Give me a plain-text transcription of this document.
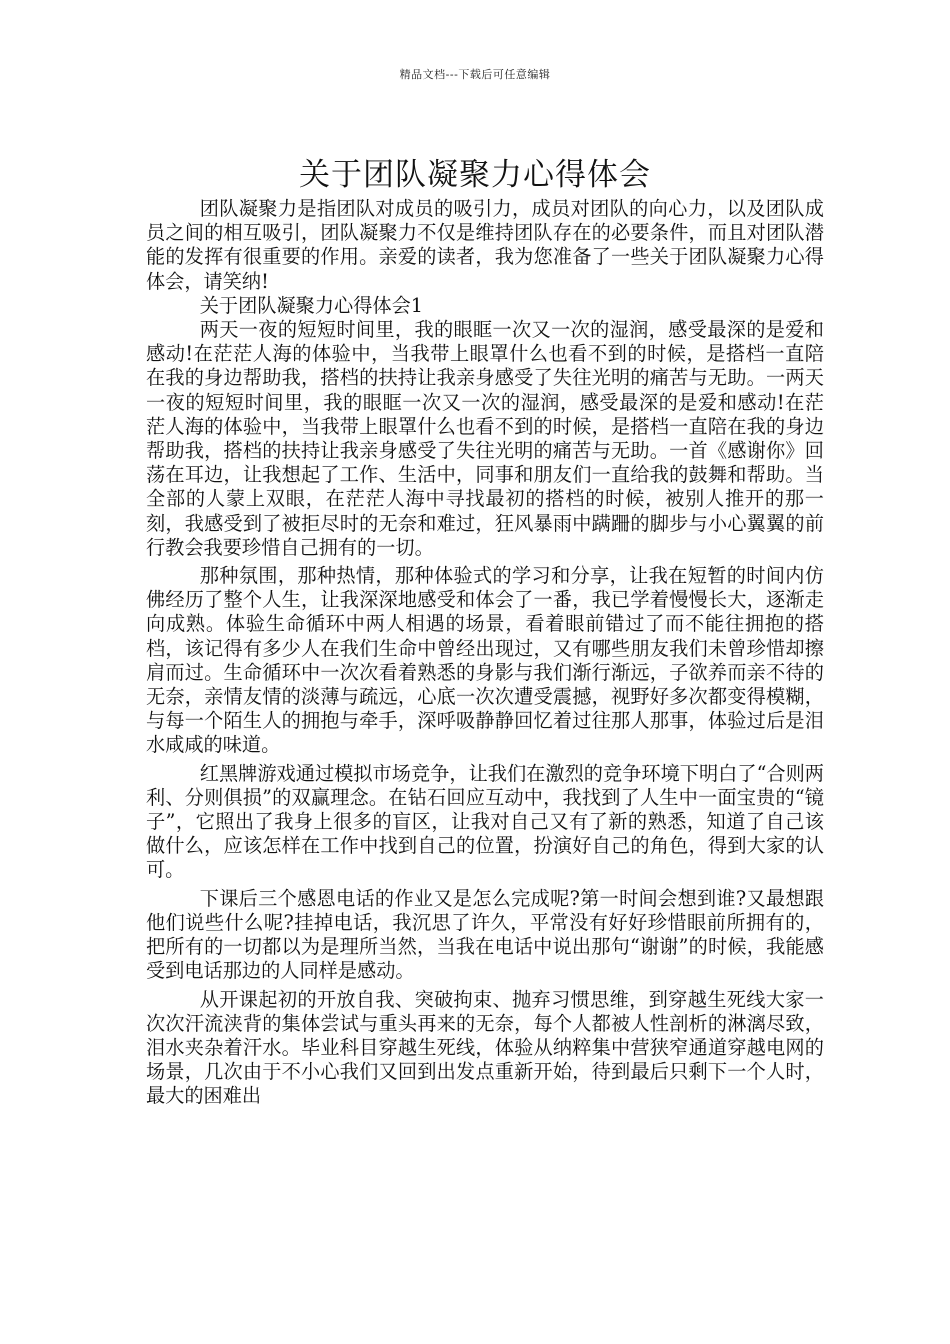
精品文档---下载后可任意编辑
关于团队凝聚力心得体会

团队凝聚力是指团队对成员的吸引力，成员对团队的向心力，以及团队成员之间的相互吸引，团队凝聚力不仅是维持团队存在的必要条件，而且对团队潜能的发挥有很重要的作用。亲爱的读者，我为您准备了一些关于团队凝聚力心得体会，请笑纳!

关于团队凝聚力心得体会1

两天一夜的短短时间里，我的眼眶一次又一次的湿润，感受最深的是爱和感动!在茫茫人海的体验中，当我带上眼罩什么也看不到的时候，是搭档一直陪在我的身边帮助我，搭档的扶持让我亲身感受了失往光明的痛苦与无助。一两天一夜的短短时间里，我的眼眶一次又一次的湿润，感受最深的是爱和感动!在茫茫人海的体验中，当我带上眼罩什么也看不到的时候，是搭档一直陪在我的身边帮助我，搭档的扶持让我亲身感受了失往光明的痛苦与无助。一首《感谢你》回荡在耳边，让我想起了工作、生活中，同事和朋友们一直给我的鼓舞和帮助。当全部的人蒙上双眼，在茫茫人海中寻找最初的搭档的时候，被别人推开的那一刻，我感受到了被拒尽时的无奈和难过，狂风暴雨中蹒跚的脚步与小心翼翼的前行教会我要珍惜自己拥有的一切。

那种氛围，那种热情，那种体验式的学习和分享，让我在短暂的时间内仿佛经历了整个人生，让我深深地感受和体会了一番，我已学着慢慢长大，逐渐走向成熟。体验生命循环中两人相遇的场景，看着眼前错过了而不能往拥抱的搭档，该记得有多少人在我们生命中曾经出现过，又有哪些朋友我们未曾珍惜却擦肩而过。生命循环中一次次看着熟悉的身影与我们渐行渐远，子欲养而亲不待的无奈，亲情友情的淡薄与疏远，心底一次次遭受震撼，视野好多次都变得模糊，与每一个陌生人的拥抱与牵手，深呼吸静静回忆着过往那人那事，体验过后是泪水咸咸的味道。

红黑牌游戏通过模拟市场竞争，让我们在激烈的竞争环境下明白了“合则两利、分则俱损”的双赢理念。在钻石回应互动中，我找到了人生中一面宝贵的“镜子”，它照出了我身上很多的盲区，让我对自己又有了新的熟悉，知道了自己该做什么，应该怎样在工作中找到自己的位置，扮演好自己的角色，得到大家的认可。

下课后三个感恩电话的作业又是怎么完成呢?第一时间会想到谁?又最想跟他们说些什么呢?挂掉电话，我沉思了许久，平常没有好好珍惜眼前所拥有的，把所有的一切都以为是理所当然，当我在电话中说出那句“谢谢”的时候，我能感受到电话那边的人同样是感动。

从开课起初的开放自我、突破拘束、抛弃习惯思维，到穿越生死线大家一次次汗流浃背的集体尝试与重头再来的无奈，每个人都被人性剖析的淋漓尽致，泪水夹杂着汗水。毕业科目穿越生死线，体验从纳粹集中营狭窄通道穿越电网的场景，几次由于不小心我们又回到出发点重新开始，待到最后只剩下一个人时，最大的困难出
